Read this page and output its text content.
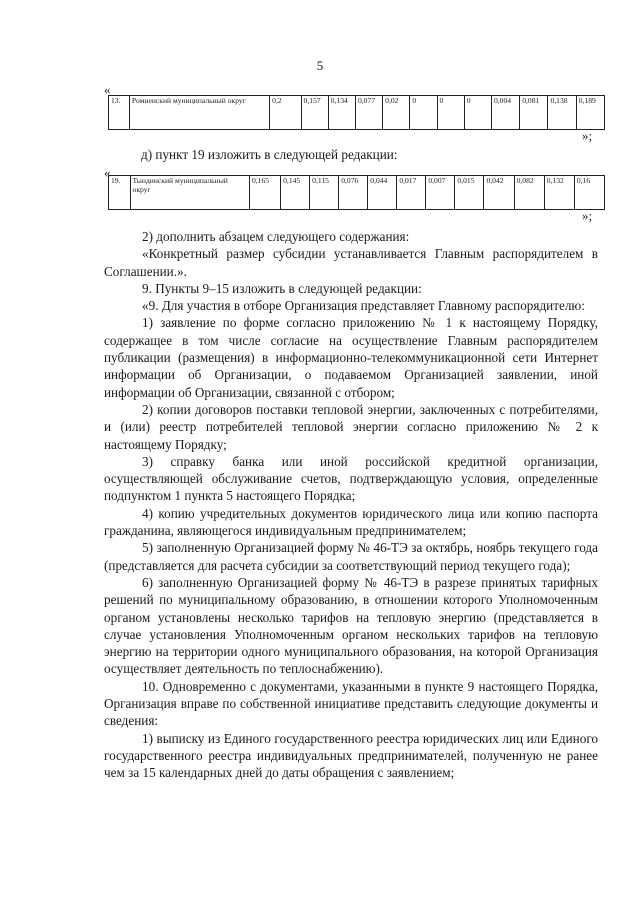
5
«
13.	Ромненский муниципальный округ	0,2	0,157	0,134	0,077	0,02	0	0	0	0,004	0,081	0,138	0,189
»;
д) пункт 19 изложить в следующей редакции:
«
19.	Тындинский муниципальный округ	0,165	0,145	0,115	0,076	0,044	0,017	0,007	0,015	0,042	0,082	0,132	0,16
»;

2) дополнить абзацем следующего содержания:

«Конкретный размер субсидии устанавливается Главным распорядителем в Соглашении.».

9. Пункты 9–15 изложить в следующей редакции:

«9. Для участия в отборе Организация представляет Главному распорядителю:

1) заявление по форме согласно приложению № 1 к настоящему Порядку, содержащее в том числе согласие на осуществление Главным распорядителем публикации (размещения) в информационно-телекоммуникационной сети Интернет информации об Организации, о подаваемом Организацией заявлении, иной информации об Организации, связанной с отбором;

2) копии договоров поставки тепловой энергии, заключенных с потребителями, и (или) реестр потребителей тепловой энергии согласно приложению № 2 к настоящему Порядку;

3) справку банка или иной российской кредитной организации, осуществляющей обслуживание счетов, подтверждающую условия, определенные подпунктом 1 пункта 5 настоящего Порядка;

4) копию учредительных документов юридического лица или копию паспорта гражданина, являющегося индивидуальным предпринимателем;

5) заполненную Организацией форму № 46-ТЭ за октябрь, ноябрь текущего года (представляется для расчета субсидии за соответствующий период текущего года);

6) заполненную Организацией форму № 46-ТЭ в разрезе принятых тарифных решений по муниципальному образованию, в отношении которого Уполномоченным органом установлены несколько тарифов на тепловую энергию (представляется в случае установления Уполномоченным органом нескольких тарифов на тепловую энергию на территории одного муниципального образования, на которой Организация осуществляет деятельность по теплоснабжению).

10. Одновременно с документами, указанными в пункте 9 настоящего Порядка, Организация вправе по собственной инициативе представить следующие документы и сведения:

1) выписку из Единого государственного реестра юридических лиц или Единого государственного реестра индивидуальных предпринимателей, полученную не ранее чем за 15 календарных дней до даты обращения с заявлением;
